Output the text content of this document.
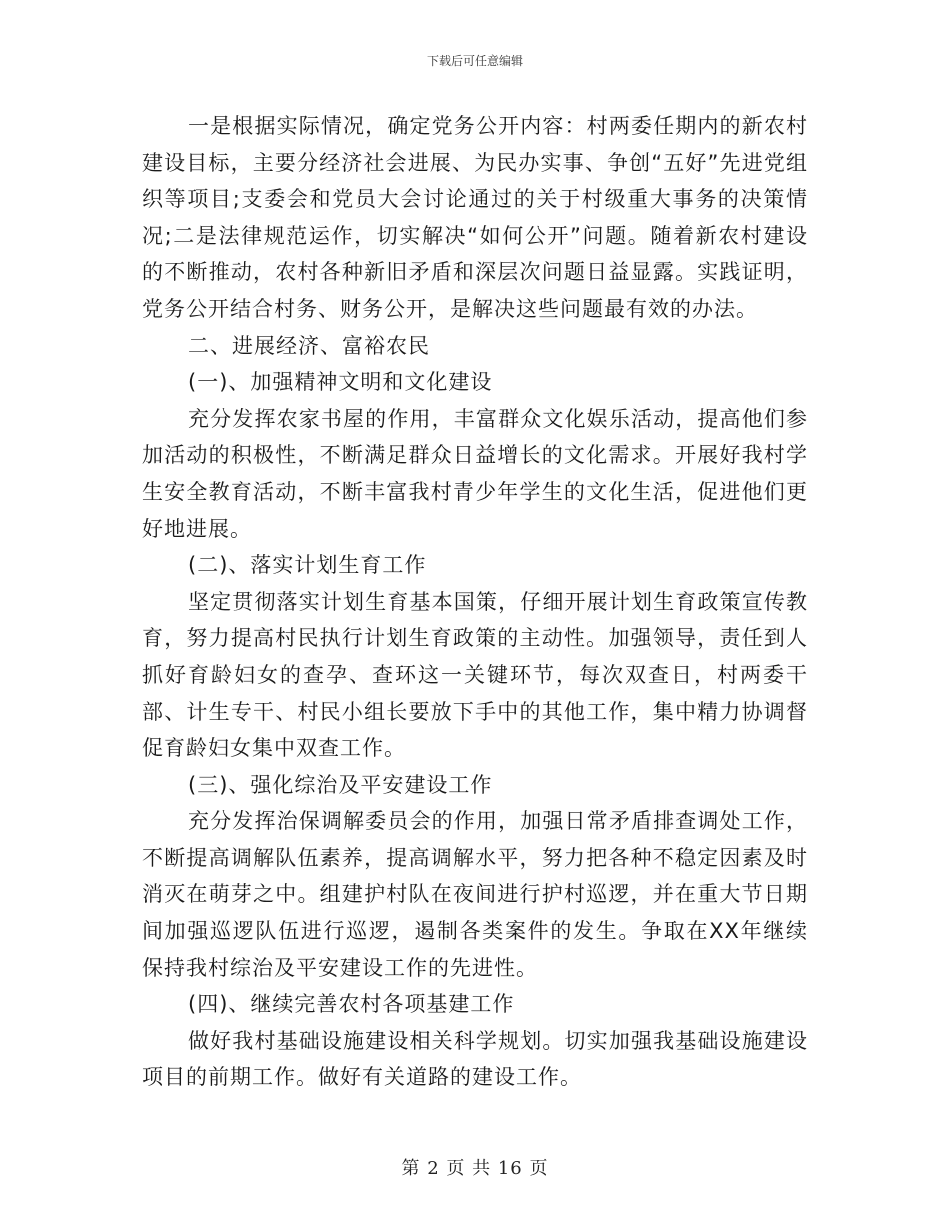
下载后可任意编辑

一是根据实际情况，确定党务公开内容：村两委任期内的新农村建设目标，主要分经济社会进展、为民办实事、争创“五好”先进党组织等项目;支委会和党员大会讨论通过的关于村级重大事务的决策情况;二是法律规范运作，切实解决“如何公开”问题。随着新农村建设的不断推动，农村各种新旧矛盾和深层次问题日益显露。实践证明，党务公开结合村务、财务公开，是解决这些问题最有效的办法。

二、进展经济、富裕农民

(一)、加强精神文明和文化建设

充分发挥农家书屋的作用，丰富群众文化娱乐活动，提高他们参加活动的积极性，不断满足群众日益增长的文化需求。开展好我村学生安全教育活动，不断丰富我村青少年学生的文化生活，促进他们更好地进展。

(二)、落实计划生育工作

坚定贯彻落实计划生育基本国策，仔细开展计划生育政策宣传教育，努力提高村民执行计划生育政策的主动性。加强领导，责任到人抓好育龄妇女的查孕、查环这一关键环节，每次双查日，村两委干部、计生专干、村民小组长要放下手中的其他工作，集中精力协调督促育龄妇女集中双查工作。

(三)、强化综治及平安建设工作

充分发挥治保调解委员会的作用，加强日常矛盾排查调处工作，不断提高调解队伍素养，提高调解水平，努力把各种不稳定因素及时消灭在萌芽之中。组建护村队在夜间进行护村巡逻，并在重大节日期间加强巡逻队伍进行巡逻，遏制各类案件的发生。争取在XX年继续保持我村综治及平安建设工作的先进性。

(四)、继续完善农村各项基建工作

做好我村基础设施建设相关科学规划。切实加强我基础设施建设项目的前期工作。做好有关道路的建设工作。

第 2 页 共 16 页
